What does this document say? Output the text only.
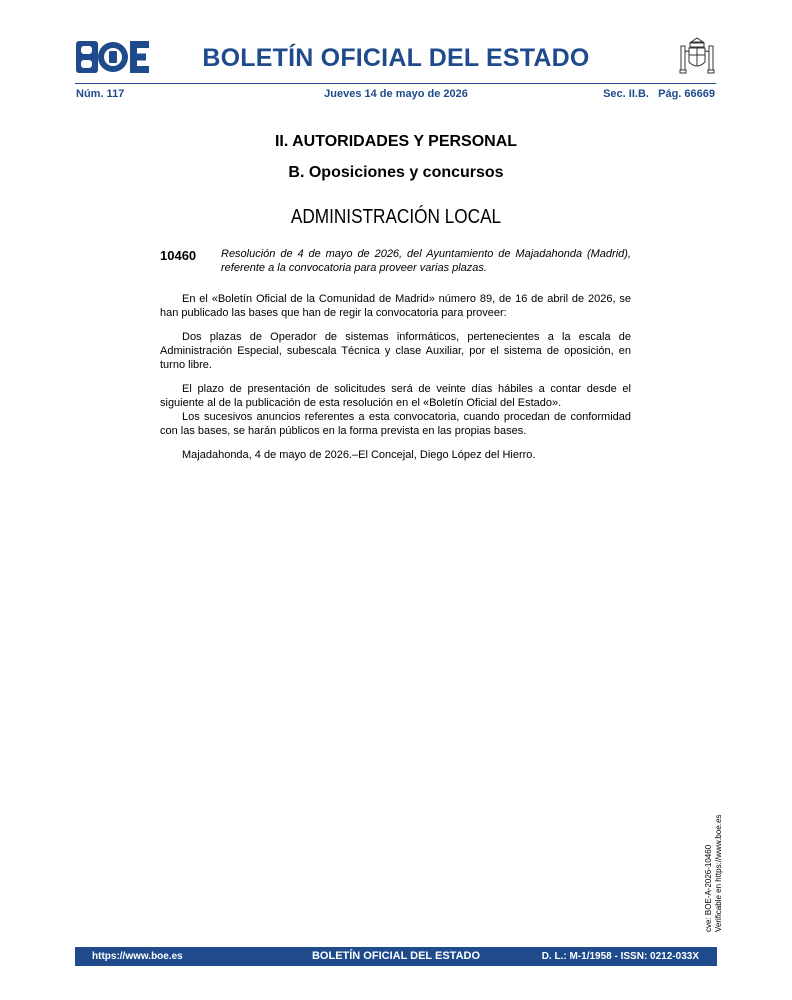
BOLETÍN OFICIAL DEL ESTADO
Núm. 117	Jueves 14 de mayo de 2026	Sec. II.B.   Pág. 66669
II. AUTORIDADES Y PERSONAL
B. Oposiciones y concursos
ADMINISTRACIÓN LOCAL
10460 Resolución de 4 de mayo de 2026, del Ayuntamiento de Majadahonda (Madrid), referente a la convocatoria para proveer varias plazas.

En el «Boletín Oficial de la Comunidad de Madrid» número 89, de 16 de abril de 2026, se han publicado las bases que han de regir la convocatoria para proveer:

Dos plazas de Operador de sistemas informáticos, pertenecientes a la escala de Administración Especial, subescala Técnica y clase Auxiliar, por el sistema de oposición, en turno libre.

El plazo de presentación de solicitudes será de veinte días hábiles a contar desde el siguiente al de la publicación de esta resolución en el «Boletín Oficial del Estado».

Los sucesivos anuncios referentes a esta convocatoria, cuando procedan de conformidad con las bases, se harán públicos en la forma prevista en las propias bases.

Majadahonda, 4 de mayo de 2026.–El Concejal, Diego López del Hierro.

cve: BOE-A-2026-10460 Verificable en https://www.boe.es
https://www.boe.es	BOLETÍN OFICIAL DEL ESTADO	D. L.: M-1/1958 - ISSN: 0212-033X
